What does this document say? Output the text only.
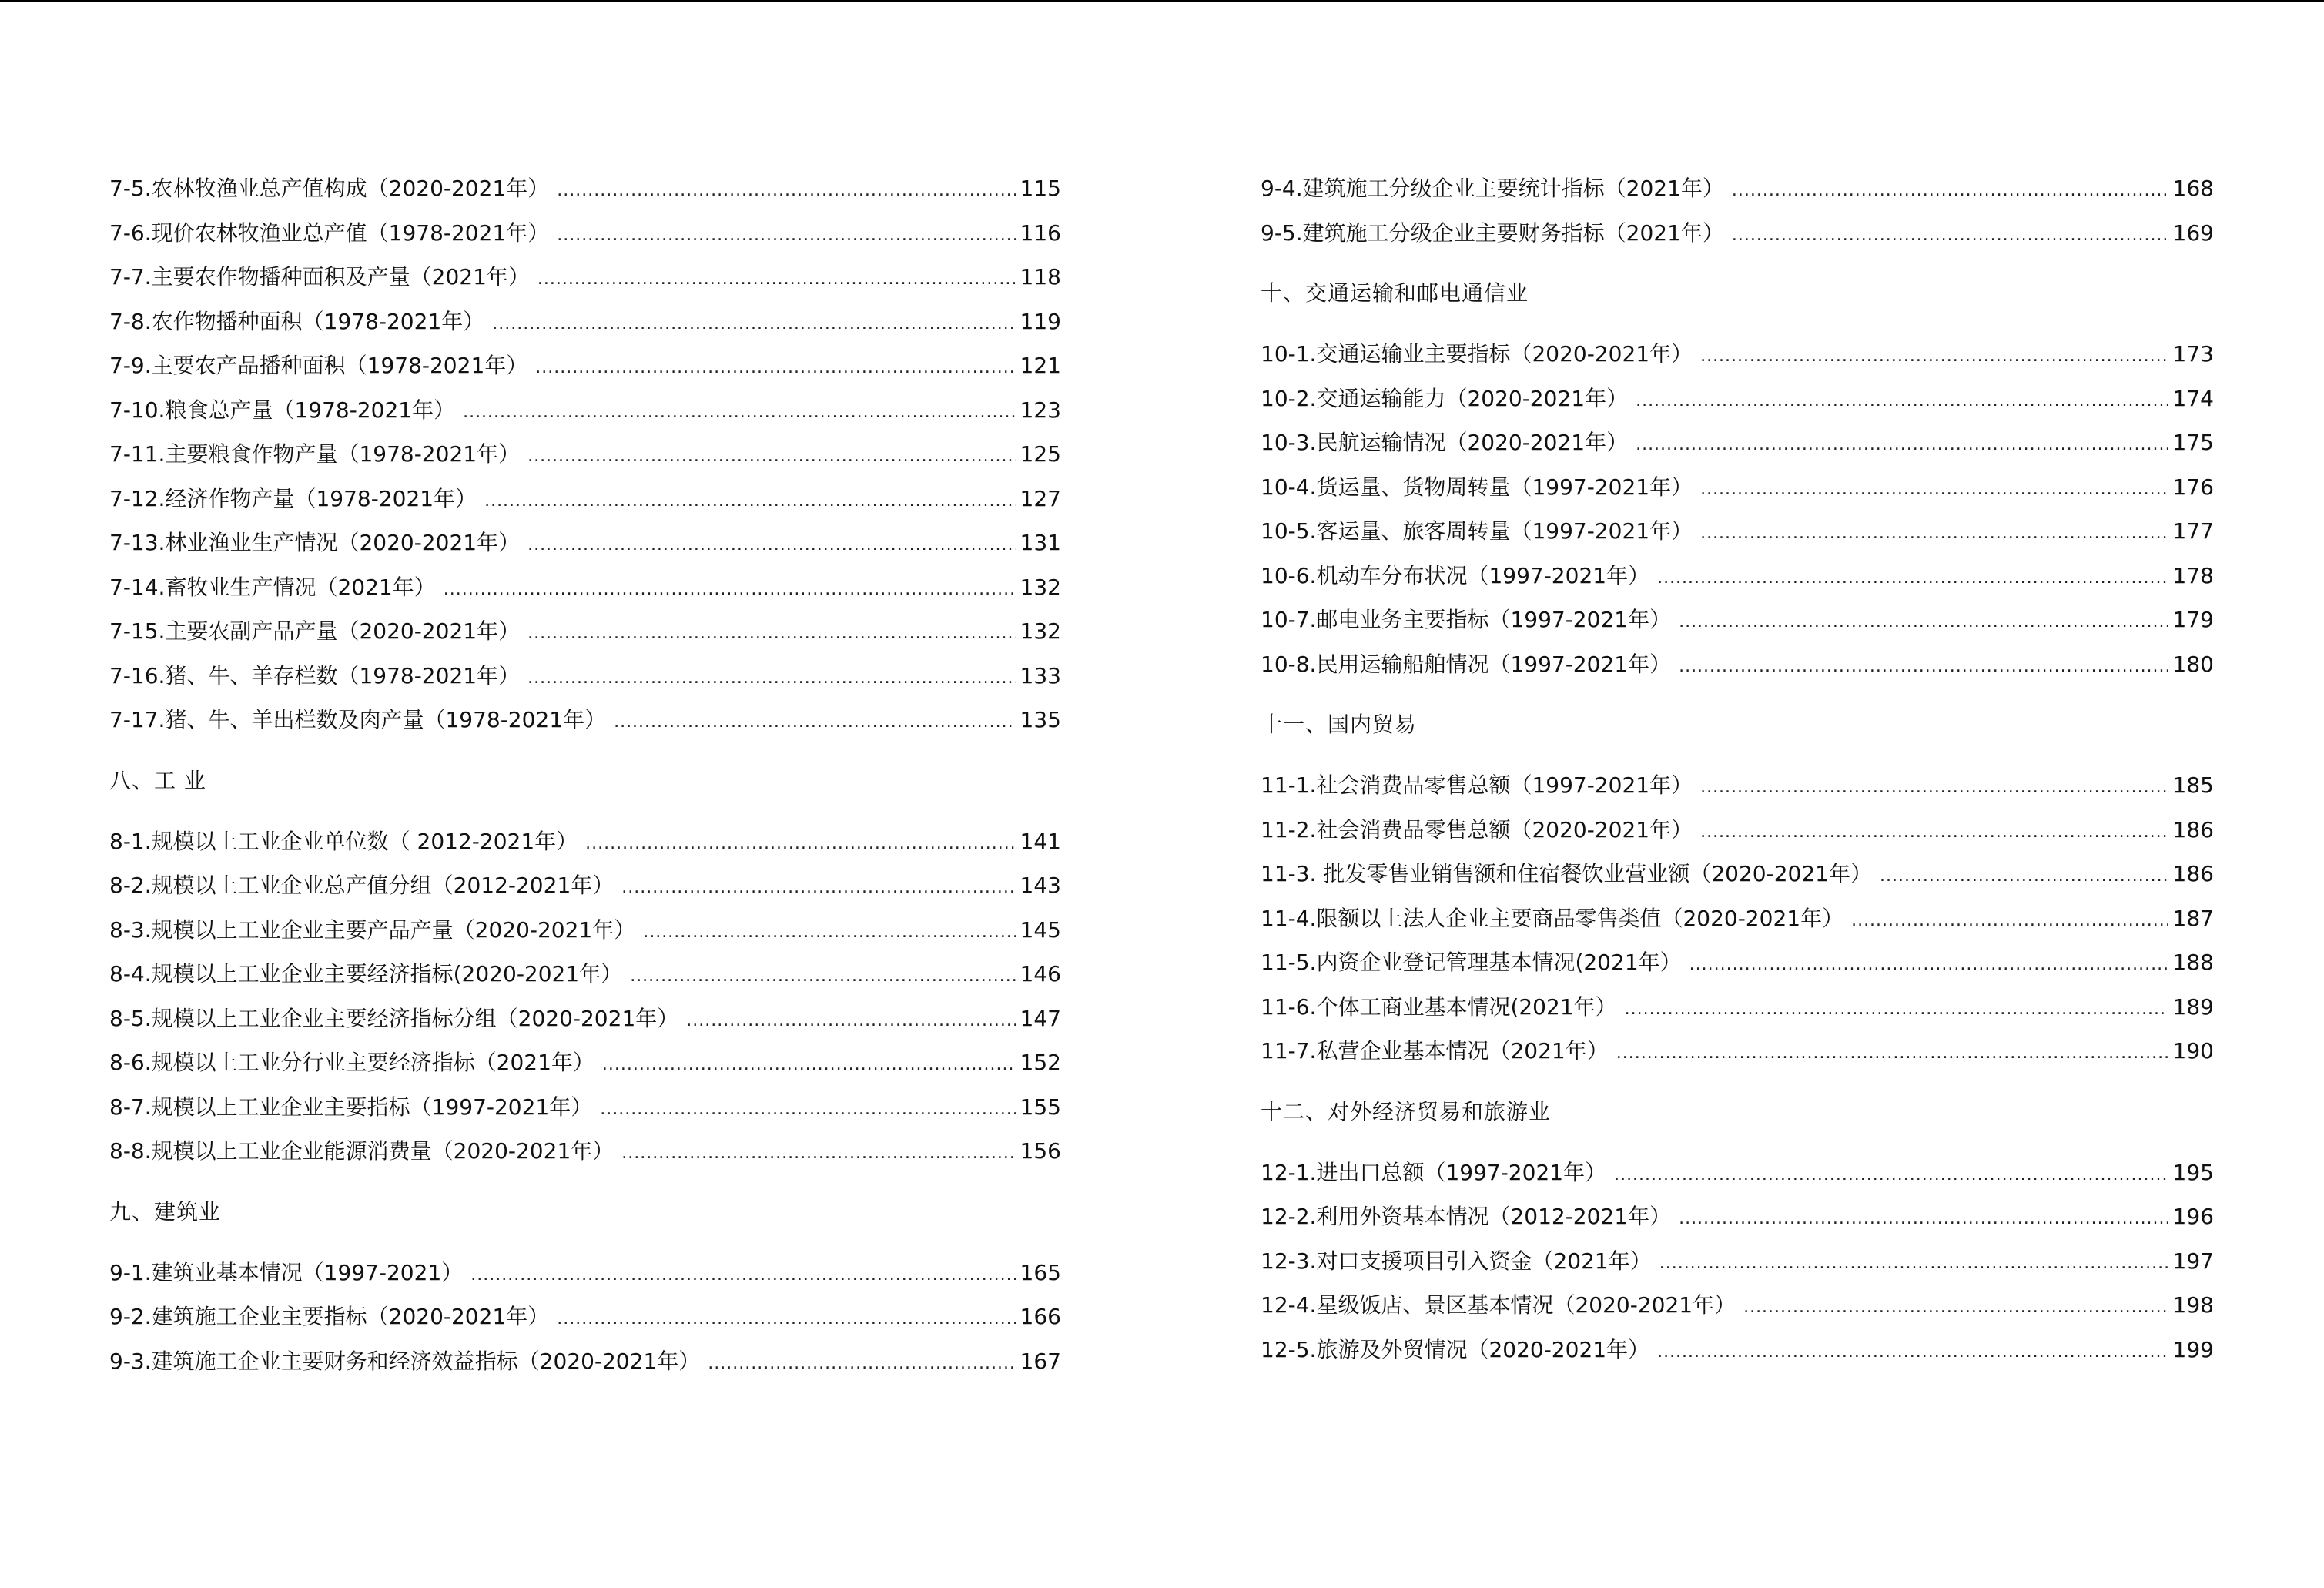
7-5.农林牧渔业总产值构成（2020-2021年） .....	115
7-6.现价农林牧渔业总产值（1978-2021年） .....	116
7-7.主要农作物播种面积及产量（2021年） .....	118
7-8.农作物播种面积（1978-2021年） .....	119
7-9.主要农产品播种面积（1978-2021年） .....	121
7-10.粮食总产量（1978-2021年） .....	123
7-11.主要粮食作物产量（1978-2021年） .....	125
7-12.经济作物产量（1978-2021年） .....	127
7-13.林业渔业生产情况（2020-2021年） .....	131
7-14.畜牧业生产情况（2021年） .....	132
7-15.主要农副产品产量（2020-2021年） .....	132
7-16.猪、牛、羊存栏数（1978-2021年） .....	133
7-17.猪、牛、羊出栏数及肉产量（1978-2021年） .....	135
八、工 业
8-1.规模以上工业企业单位数（ 2012-2021年） .....	141
8-2.规模以上工业企业总产值分组（2012-2021年） .....	143
8-3.规模以上工业企业主要产品产量（2020-2021年） .....	145
8-4.规模以上工业企业主要经济指标(2020-2021年） .....	146
8-5.规模以上工业企业主要经济指标分组（2020-2021年） .....	147
8-6.规模以上工业分行业主要经济指标（2021年） .....	152
8-7.规模以上工业企业主要指标（1997-2021年） .....	155
8-8.规模以上工业企业能源消费量（2020-2021年） .....	156
九、建筑业
9-1.建筑业基本情况（1997-2021） .....	165
9-2.建筑施工企业主要指标（2020-2021年） .....	166
9-3.建筑施工企业主要财务和经济效益指标（2020-2021年） .....	167
9-4.建筑施工分级企业主要统计指标（2021年） .....	168
9-5.建筑施工分级企业主要财务指标（2021年） .....	169
十、交通运输和邮电通信业
10-1.交通运输业主要指标（2020-2021年） .....	173
10-2.交通运输能力（2020-2021年） .....	174
10-3.民航运输情况（2020-2021年） .....	175
10-4.货运量、货物周转量（1997-2021年） .....	176
10-5.客运量、旅客周转量（1997-2021年） .....	177
10-6.机动车分布状况（1997-2021年） .....	178
10-7.邮电业务主要指标（1997-2021年） .....	179
10-8.民用运输船舶情况（1997-2021年） .....	180
十一、国内贸易
11-1.社会消费品零售总额（1997-2021年） .....	185
11-2.社会消费品零售总额（2020-2021年） .....	186
11-3. 批发零售业销售额和住宿餐饮业营业额（2020-2021年） .....	186
11-4.限额以上法人企业主要商品零售类值（2020-2021年） .....	187
11-5.内资企业登记管理基本情况(2021年） .....	188
11-6.个体工商业基本情况(2021年） .....	189
11-7.私营企业基本情况（2021年） .....	190
十二、对外经济贸易和旅游业
12-1.进出口总额（1997-2021年） .....	195
12-2.利用外资基本情况（2012-2021年） .....	196
12-3.对口支援项目引入资金（2021年） .....	197
12-4.星级饭店、景区基本情况（2020-2021年） .....	198
12-5.旅游及外贸情况（2020-2021年） .....	199
